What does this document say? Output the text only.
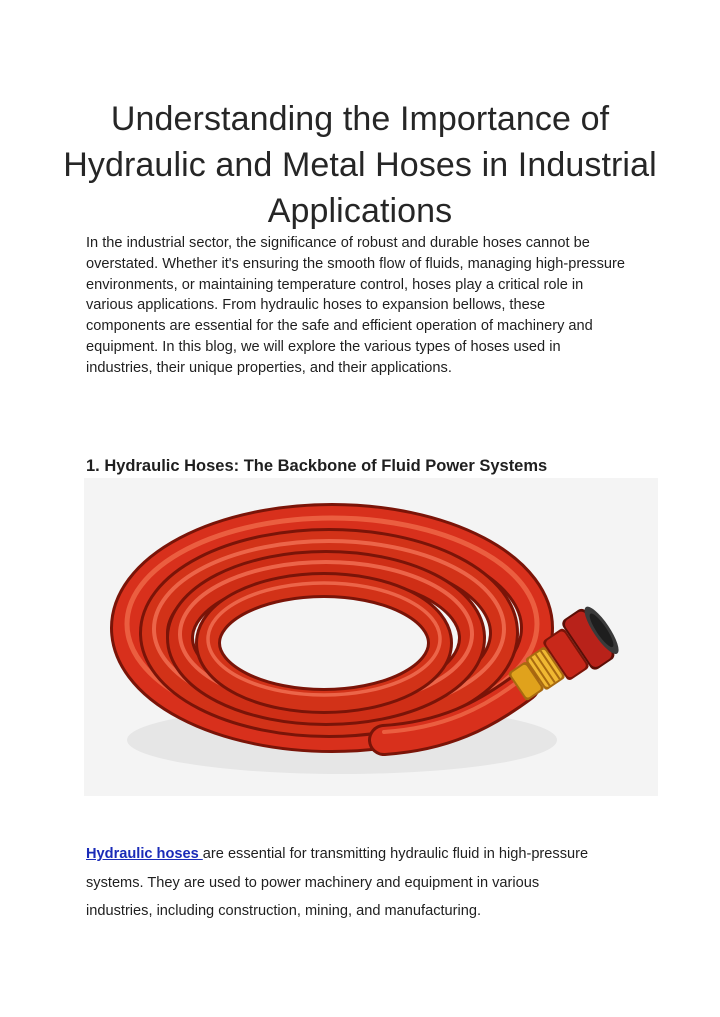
Understanding the Importance of Hydraulic and Metal Hoses in Industrial Applications

In the industrial sector, the significance of robust and durable hoses cannot be overstated. Whether it's ensuring the smooth flow of fluids, managing high-pressure environments, or maintaining temperature control, hoses play a critical role in various applications. From hydraulic hoses to expansion bellows, these components are essential for the safe and efficient operation of machinery and equipment. In this blog, we will explore the various types of hoses used in industries, their unique properties, and their applications.

1. Hydraulic Hoses: The Backbone of Fluid Power Systems

Hydraulic hoses are essential for transmitting hydraulic fluid in high-pressure systems. They are used to power machinery and equipment in various industries, including construction, mining, and manufacturing.
